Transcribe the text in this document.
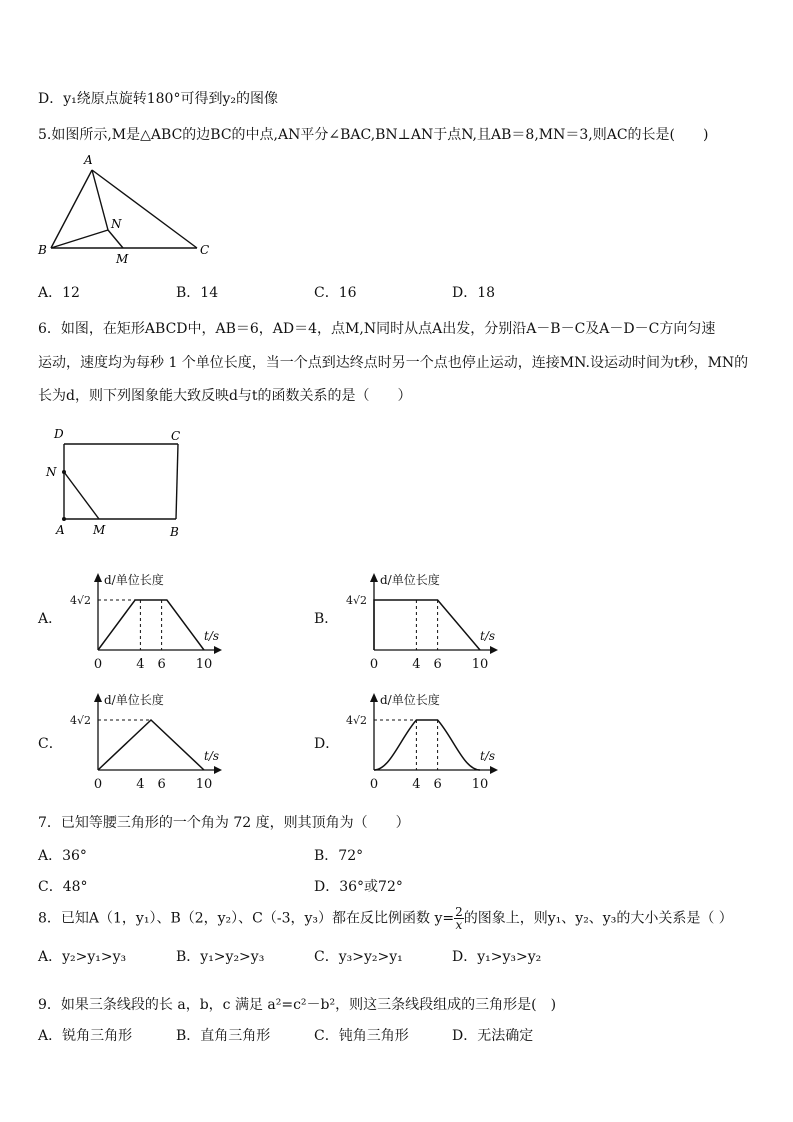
D．y₁绕原点旋转180°可得到y₂的图像
5.如图所示,M是△ABC的边BC的中点,AN平分∠BAC,BN⊥AN于点N,且AB＝8,MN＝3,则AC的长是(　　)
A
B	C
N
M
A．12	B．14	C．16	D．18
6．如图，在矩形ABCD中，AB＝6，AD＝4，点M,N同时从点A出发，分别沿A－B－C及A－D－C方向匀速
运动，速度均为每秒 1 个单位长度，当一个点到达终点时另一个点也停止运动，连接MN.设运动时间为t秒，MN的
长为d，则下列图象能大致反映d与t的函数关系的是（　　）
D	C
N
A M	B
A．	B．
C．	D．
d/单位长度
t/s
4√2
0	4 6 10
d/单位长度
t/s
4√2
0	4 6 10
d/单位长度
t/s
4√2
0	4 6 10
d/单位长度
t/s
4√2
0	4 6 10
7．已知等腰三角形的一个角为 72 度，则其顶角为（　　）
A．36°	B．72°
C．48°	D．36°或72°
8．已知A（1，y₁）、B（2，y₂）、C（-3，y₃）都在反比例函数 $y= \frac{2}{x}$ 的图象上，则y₁、y₂、y₃的大小关系是（ ）
A．y₂>y₁>y₃	B．y₁>y₂>y₃	C．y₃>y₂>y₁	D．y₁>y₃>y₂
9．如果三条线段的长 a，b，c 满足 a²=c²－b²，则这三条线段组成的三角形是(　)
A．锐角三角形	B．直角三角形	C．钝角三角形	D．无法确定
